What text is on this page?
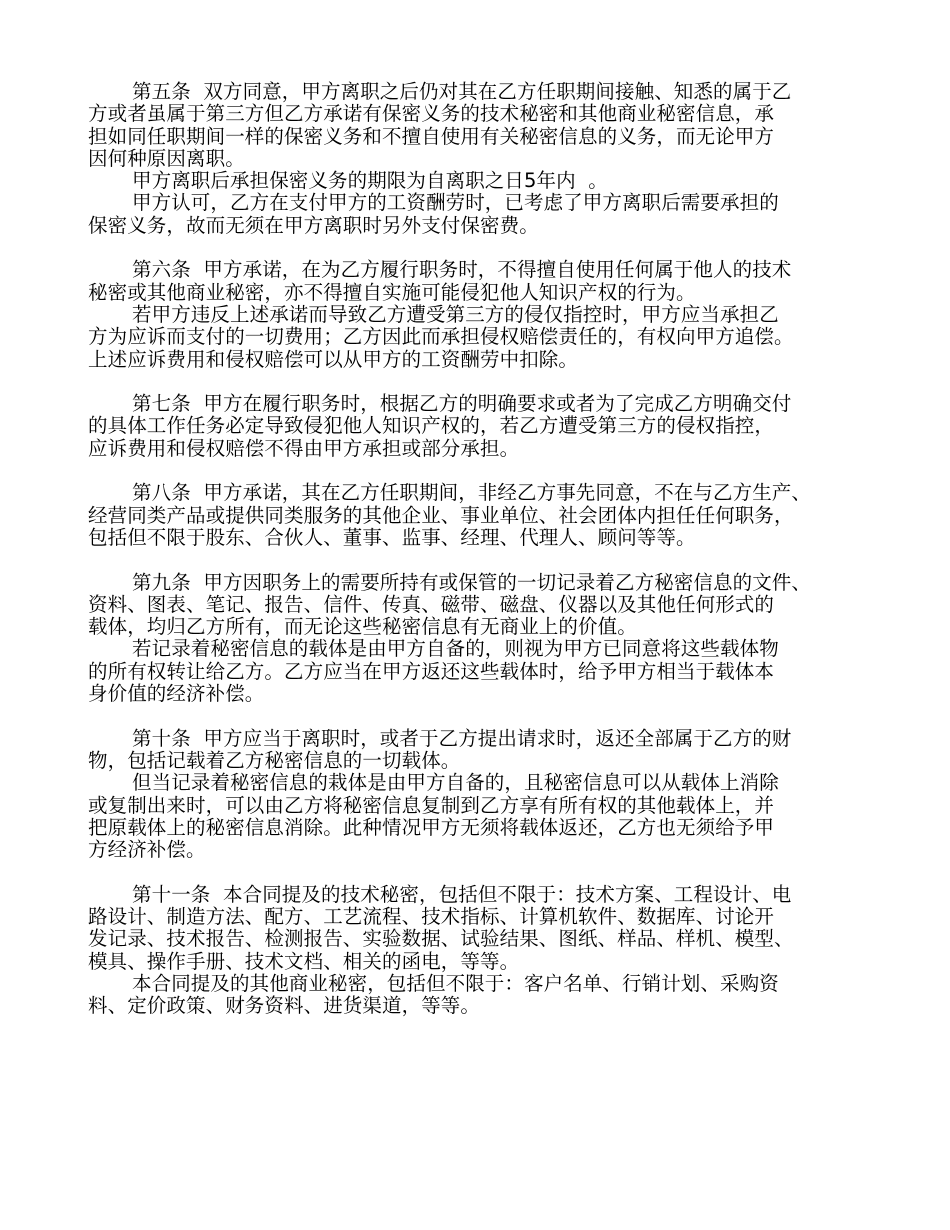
第五条  双方同意，甲方离职之后仍对其在乙方任职期间接触、知悉的属于乙
方或者虽属于第三方但乙方承诺有保密义务的技术秘密和其他商业秘密信息，承
担如同任职期间一样的保密义务和不擅自使用有关秘密信息的义务，而无论甲方
因何种原因离职。
甲方离职后承担保密义务的期限为自离职之日5年内  。
甲方认可，乙方在支付甲方的工资酬劳时，已考虑了甲方离职后需要承担的
保密义务，故而无须在甲方离职时另外支付保密费。
第六条  甲方承诺，在为乙方履行职务时，不得擅自使用任何属于他人的技术
秘密或其他商业秘密，亦不得擅自实施可能侵犯他人知识产权的行为。
若甲方违反上述承诺而导致乙方遭受第三方的侵仅指控时，甲方应当承担乙
方为应诉而支付的一切费用；乙方因此而承担侵权赔偿责任的，有权向甲方追偿。
上述应诉费用和侵权赔偿可以从甲方的工资酬劳中扣除。
第七条  甲方在履行职务时，根据乙方的明确要求或者为了完成乙方明确交付
的具体工作任务必定导致侵犯他人知识产权的，若乙方遭受第三方的侵权指控，
应诉费用和侵权赔偿不得由甲方承担或部分承担。
第八条  甲方承诺，其在乙方任职期间，非经乙方事先同意，不在与乙方生产、
经营同类产品或提供同类服务的其他企业、事业单位、社会团体内担任任何职务，
包括但不限于股东、合伙人、董事、监事、经理、代理人、顾问等等。
第九条  甲方因职务上的需要所持有或保管的一切记录着乙方秘密信息的文件、
资料、图表、笔记、报告、信件、传真、磁带、磁盘、仪器以及其他任何形式的
载体，均归乙方所有，而无论这些秘密信息有无商业上的价值。
若记录着秘密信息的载体是由甲方自备的，则视为甲方已同意将这些载体物
的所有权转让给乙方。乙方应当在甲方返还这些载体时，给予甲方相当于载体本
身价值的经济补偿。
第十条  甲方应当于离职时，或者于乙方提出请求时，返还全部属于乙方的财
物，包括记载着乙方秘密信息的一切载体。
但当记录着秘密信息的栽体是由甲方自备的，且秘密信息可以从载体上消除
或复制出来时，可以由乙方将秘密信息复制到乙方享有所有权的其他载体上，并
把原载体上的秘密信息消除。此种情况甲方无须将载体返还，乙方也无须给予甲
方经济补偿。
第十一条  本合同提及的技术秘密，包括但不限于：技术方案、工程设计、电
路设计、制造方法、配方、工艺流程、技术指标、计算机软件、数据库、讨论开
发记录、技术报告、检测报告、实验数据、试验结果、图纸、样品、样机、模型、
模具、操作手册、技术文档、相关的函电，等等。
本合同提及的其他商业秘密，包括但不限于：客户名单、行销计划、采购资
料、定价政策、财务资料、进货渠道，等等。
